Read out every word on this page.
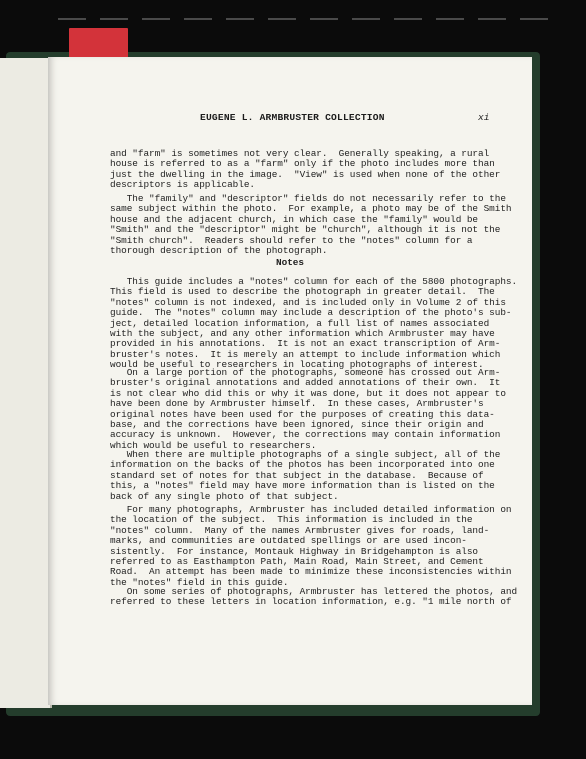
EUGENE L. ARMBRUSTER COLLECTION	xi
and "farm" is sometimes not very clear.  Generally speaking, a rural
house is referred to as a "farm" only if the photo includes more than
just the dwelling in the image.  "View" is used when none of the other
descriptors is applicable.
The "family" and "descriptor" fields do not necessarily refer to the
same subject within the photo.  For example, a photo may be of the Smith
house and the adjacent church, in which case the "family" would be
"Smith" and the "descriptor" might be "church", although it is not the
"Smith church".  Readers should refer to the "notes" column for a
thorough description of the photograph.
Notes
This guide includes a "notes" column for each of the 5800 photographs.
This field is used to describe the photograph in greater detail.  The
"notes" column is not indexed, and is included only in Volume 2 of this
guide.  The "notes" column may include a description of the photo's sub-
ject, detailed location information, a full list of names associated
with the subject, and any other information which Armbruster may have
provided in his annotations.  It is not an exact transcription of Arm-
bruster's notes.  It is merely an attempt to include information which
would be useful to researchers in locating photographs of interest.
On a large portion of the photographs, someone has crossed out Arm-
bruster's original annotations and added annotations of their own.  It
is not clear who did this or why it was done, but it does not appear to
have been done by Armbruster himself.  In these cases, Armbruster's
original notes have been used for the purposes of creating this data-
base, and the corrections have been ignored, since their origin and
accuracy is unknown.  However, the corrections may contain information
which would be useful to researchers.
When there are multiple photographs of a single subject, all of the
information on the backs of the photos has been incorporated into one
standard set of notes for that subject in the database.  Because of
this, a "notes" field may have more information than is listed on the
back of any single photo of that subject.
For many photographs, Armbruster has included detailed information on
the location of the subject.  This information is included in the
"notes" column.  Many of the names Armbruster gives for roads, land-
marks, and communities are outdated spellings or are used incon-
sistently.  For instance, Montauk Highway in Bridgehampton is also
referred to as Easthampton Path, Main Road, Main Street, and Cement
Road.  An attempt has been made to minimize these inconsistencies within
the "notes" field in this guide.
On some series of photographs, Armbruster has lettered the photos, and
referred to these letters in location information, e.g. "1 mile north of
